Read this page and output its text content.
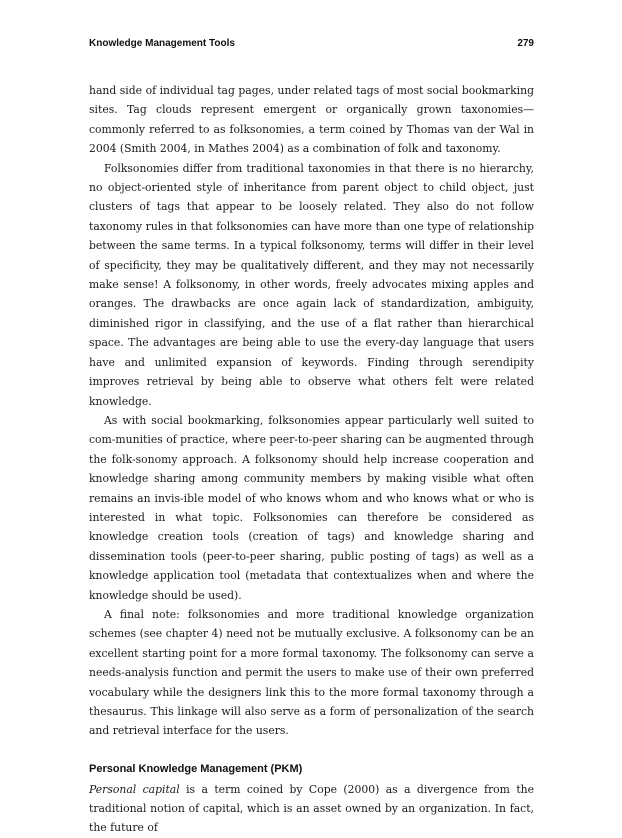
Knowledge Management Tools	279

hand side of individual tag pages, under related tags of most social bookmarking sites. Tag clouds represent emergent or organically grown taxonomies—commonly referred to as folksonomies, a term coined by Thomas van der Wal in 2004 (Smith 2004, in Mathes 2004) as a combination of folk and taxonomy.

Folksonomies differ from traditional taxonomies in that there is no hierarchy, no object-oriented style of inheritance from parent object to child object, just clusters of tags that appear to be loosely related. They also do not follow taxonomy rules in that folksonomies can have more than one type of relationship between the same terms. In a typical folksonomy, terms will differ in their level of specificity, they may be qualitatively different, and they may not necessarily make sense! A folksonomy, in other words, freely advocates mixing apples and oranges. The drawbacks are once again lack of standardization, ambiguity, diminished rigor in classifying, and the use of a flat rather than hierarchical space. The advantages are being able to use the every-day language that users have and unlimited expansion of keywords. Finding through serendipity improves retrieval by being able to observe what others felt were related knowledge.

As with social bookmarking, folksonomies appear particularly well suited to com-munities of practice, where peer-to-peer sharing can be augmented through the folk-sonomy approach. A folksonomy should help increase cooperation and knowledge sharing among community members by making visible what often remains an invis-ible model of who knows whom and who knows what or who is interested in what topic. Folksonomies can therefore be considered as knowledge creation tools (creation of tags) and knowledge sharing and dissemination tools (peer-to-peer sharing, public posting of tags) as well as a knowledge application tool (metadata that contextualizes when and where the knowledge should be used).

A final note: folksonomies and more traditional knowledge organization schemes (see chapter 4) need not be mutually exclusive. A folksonomy can be an excellent starting point for a more formal taxonomy. The folksonomy can serve a needs-analysis function and permit the users to make use of their own preferred vocabulary while the designers link this to the more formal taxonomy through a thesaurus. This linkage will also serve as a form of personalization of the search and retrieval interface for the users.

Personal Knowledge Management (PKM)

Personal capital is a term coined by Cope (2000) as a divergence from the traditional notion of capital, which is an asset owned by an organization. In fact, the future of
